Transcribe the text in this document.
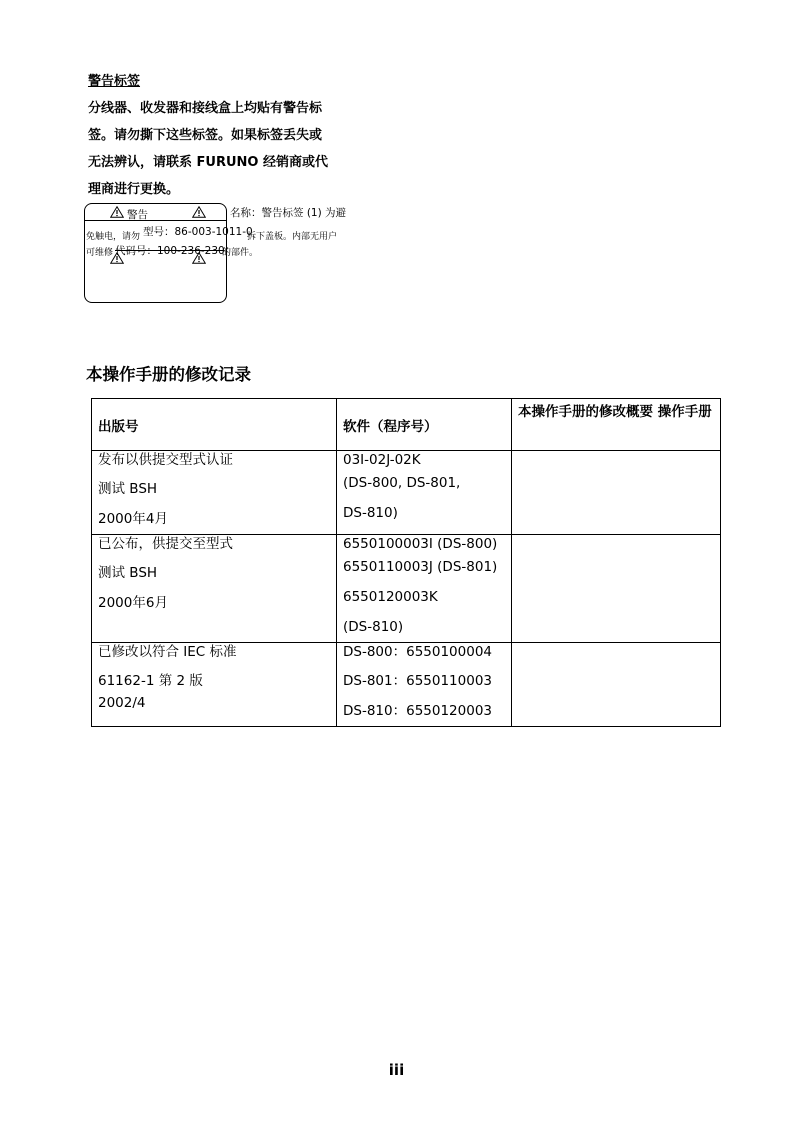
警告标签
分线器、收发器和接线盒上均贴有警告标
签。请勿撕下这些标签。如果标签丢失或
无法辨认，请联系 FURUNO 经销商或代
理商进行更换。
警告	名称：警告标签 (1) 为避
免触电，请勿 型号：86-003-1011-0
拆下盖板。内部无用户
可维修 代码号：100-236-230
的部件。
本操作手册的修改记录
出版号	软件（程序号）	本操作手册的修改概要 操作手册

发布以供提交型式认证
测试 BSH
2000年4月	03I-02J-02K
(DS-800, DS-801,
DS-810)	

已公布，供提交至型式
测试 BSH
2000年6月	6550100003I (DS-800)
6550110003J (DS-801)
6550120003K
(DS-810)	

已修改以符合 IEC 标准
61162-1 第 2 版
2002/4	DS-800：6550100004
DS-801：6550110003
DS-810：6550120003	

iii
